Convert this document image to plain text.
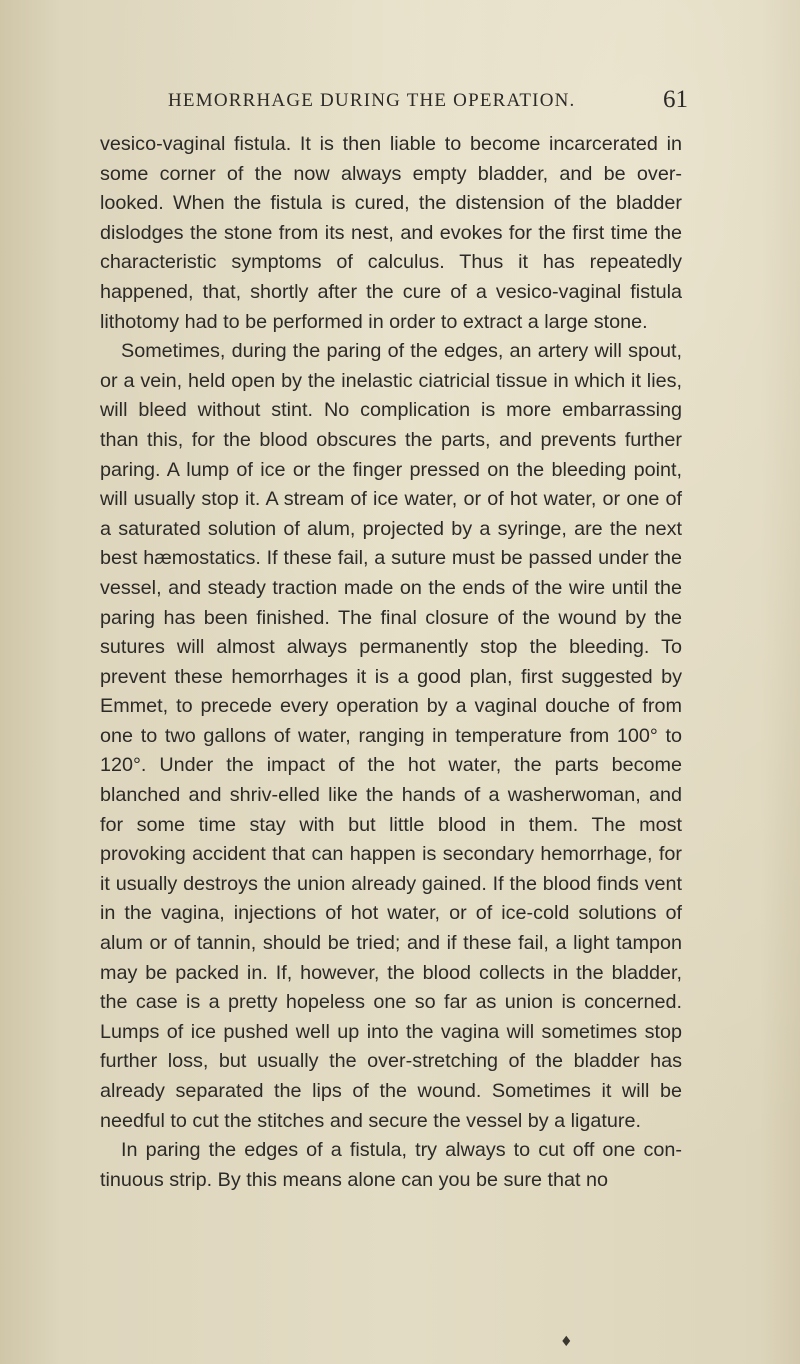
HEMORRHAGE DURING THE OPERATION.	61

vesico-vaginal fistula. It is then liable to become incarcerated in some corner of the now always empty bladder, and be over-looked. When the fistula is cured, the distension of the bladder dislodges the stone from its nest, and evokes for the first time the characteristic symptoms of calculus. Thus it has repeatedly happened, that, shortly after the cure of a vesico-vaginal fistula lithotomy had to be performed in order to extract a large stone.

Sometimes, during the paring of the edges, an artery will spout, or a vein, held open by the inelastic ciatricial tissue in which it lies, will bleed without stint. No complication is more embarrassing than this, for the blood obscures the parts, and prevents further paring. A lump of ice or the finger pressed on the bleeding point, will usually stop it. A stream of ice water, or of hot water, or one of a saturated solution of alum, projected by a syringe, are the next best hæmostatics. If these fail, a suture must be passed under the vessel, and steady traction made on the ends of the wire until the paring has been finished. The final closure of the wound by the sutures will almost always permanently stop the bleeding. To prevent these hemorrhages it is a good plan, first suggested by Emmet, to precede every operation by a vaginal douche of from one to two gallons of water, ranging in temperature from 100° to 120°. Under the impact of the hot water, the parts become blanched and shriv-elled like the hands of a washerwoman, and for some time stay with but little blood in them. The most provoking accident that can happen is secondary hemorrhage, for it usually destroys the union already gained. If the blood finds vent in the vagina, injections of hot water, or of ice-cold solutions of alum or of tannin, should be tried; and if these fail, a light tampon may be packed in. If, however, the blood collects in the bladder, the case is a pretty hopeless one so far as union is concerned. Lumps of ice pushed well up into the vagina will sometimes stop further loss, but usually the over-stretching of the bladder has already separated the lips of the wound. Sometimes it will be needful to cut the stitches and secure the vessel by a ligature.

In paring the edges of a fistula, try always to cut off one con-tinuous strip. By this means alone can you be sure that no

♦
